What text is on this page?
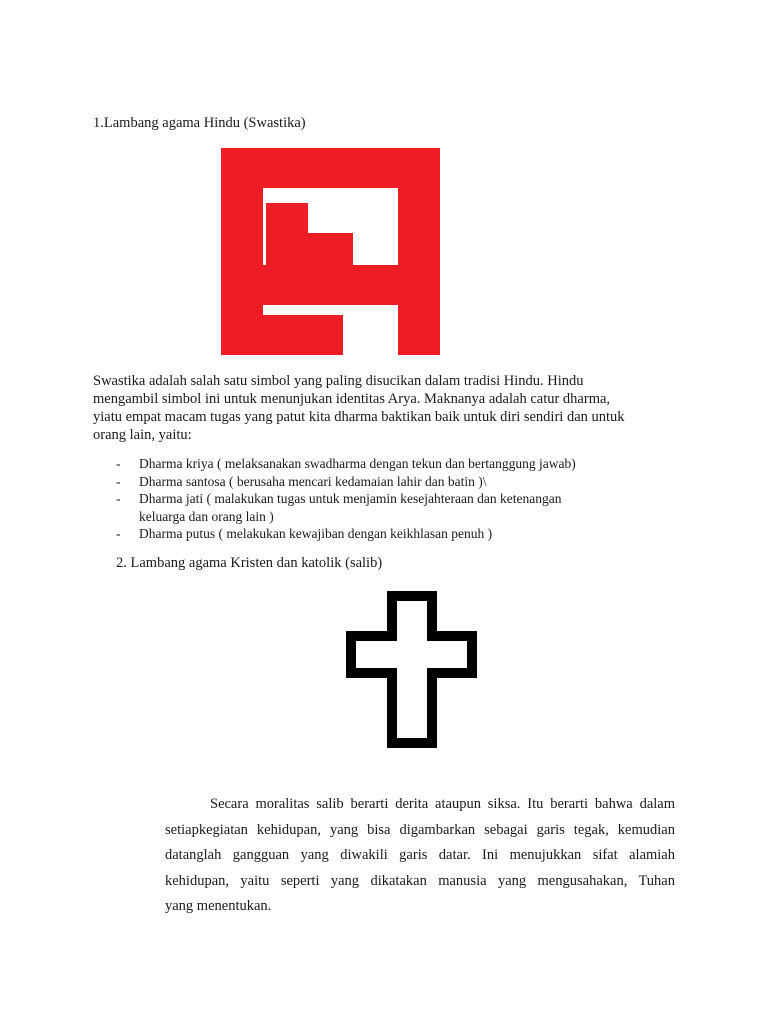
1.Lambang agama Hindu (Swastika)
Swastika adalah salah satu simbol yang paling disucikan dalam tradisi Hindu. Hindu
mengambil simbol ini untuk menunjukan identitas Arya. Maknanya adalah catur dharma,
yiatu empat macam tugas yang patut kita dharma baktikan baik untuk diri sendiri dan untuk
orang lain, yaitu:
- Dharma kriya ( melaksanakan swadharma dengan tekun dan bertanggung jawab)
- Dharma santosa ( berusaha mencari kedamaian lahir dan batin )\
- Dharma jati ( malakukan tugas untuk menjamin kesejahteraan dan ketenangan
keluarga dan orang lain )
- Dharma putus ( melakukan kewajiban dengan keikhlasan penuh )
2. Lambang agama Kristen dan katolik (salib)
Secara moralitas salib berarti derita ataupun siksa. Itu berarti bahwa dalam
setiapkegiatan kehidupan, yang bisa digambarkan sebagai garis tegak, kemudian
datanglah gangguan yang diwakili garis datar. Ini menujukkan sifat alamiah
kehidupan, yaitu seperti yang dikatakan manusia yang mengusahakan, Tuhan
yang menentukan.
